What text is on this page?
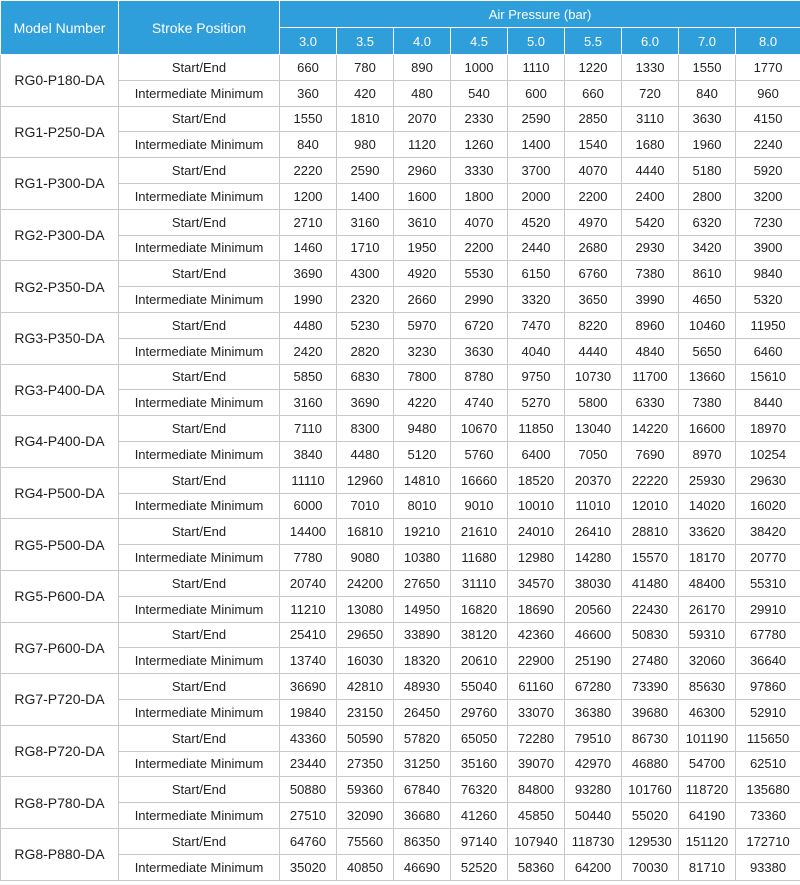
Model Number	Stroke Position	Air Pressure (bar)								
		3.0	3.5	4.0	4.5	5.0	5.5	6.0	7.0	8.0
RG0-P180-DA	Start/End	660	780	890	1000	1110	1220	1330	1550	1770
	Intermediate Minimum	360	420	480	540	600	660	720	840	960
RG1-P250-DA	Start/End	1550	1810	2070	2330	2590	2850	3110	3630	4150
	Intermediate Minimum	840	980	1120	1260	1400	1540	1680	1960	2240
RG1-P300-DA	Start/End	2220	2590	2960	3330	3700	4070	4440	5180	5920
	Intermediate Minimum	1200	1400	1600	1800	2000	2200	2400	2800	3200
RG2-P300-DA	Start/End	2710	3160	3610	4070	4520	4970	5420	6320	7230
	Intermediate Minimum	1460	1710	1950	2200	2440	2680	2930	3420	3900
RG2-P350-DA	Start/End	3690	4300	4920	5530	6150	6760	7380	8610	9840
	Intermediate Minimum	1990	2320	2660	2990	3320	3650	3990	4650	5320
RG3-P350-DA	Start/End	4480	5230	5970	6720	7470	8220	8960	10460	11950
	Intermediate Minimum	2420	2820	3230	3630	4040	4440	4840	5650	6460
RG3-P400-DA	Start/End	5850	6830	7800	8780	9750	10730	11700	13660	15610
	Intermediate Minimum	3160	3690	4220	4740	5270	5800	6330	7380	8440
RG4-P400-DA	Start/End	7110	8300	9480	10670	11850	13040	14220	16600	18970
	Intermediate Minimum	3840	4480	5120	5760	6400	7050	7690	8970	10254
RG4-P500-DA	Start/End	11110	12960	14810	16660	18520	20370	22220	25930	29630
	Intermediate Minimum	6000	7010	8010	9010	10010	11010	12010	14020	16020
RG5-P500-DA	Start/End	14400	16810	19210	21610	24010	26410	28810	33620	38420
	Intermediate Minimum	7780	9080	10380	11680	12980	14280	15570	18170	20770
RG5-P600-DA	Start/End	20740	24200	27650	31110	34570	38030	41480	48400	55310
	Intermediate Minimum	11210	13080	14950	16820	18690	20560	22430	26170	29910
RG7-P600-DA	Start/End	25410	29650	33890	38120	42360	46600	50830	59310	67780
	Intermediate Minimum	13740	16030	18320	20610	22900	25190	27480	32060	36640
RG7-P720-DA	Start/End	36690	42810	48930	55040	61160	67280	73390	85630	97860
	Intermediate Minimum	19840	23150	26450	29760	33070	36380	39680	46300	52910
RG8-P720-DA	Start/End	43360	50590	57820	65050	72280	79510	86730	101190	115650
	Intermediate Minimum	23440	27350	31250	35160	39070	42970	46880	54700	62510
RG8-P780-DA	Start/End	50880	59360	67840	76320	84800	93280	101760	118720	135680
	Intermediate Minimum	27510	32090	36680	41260	45850	50440	55020	64190	73360
RG8-P880-DA	Start/End	64760	75560	86350	97140	107940	118730	129530	151120	172710
	Intermediate Minimum	35020	40850	46690	52520	58360	64200	70030	81710	93380
